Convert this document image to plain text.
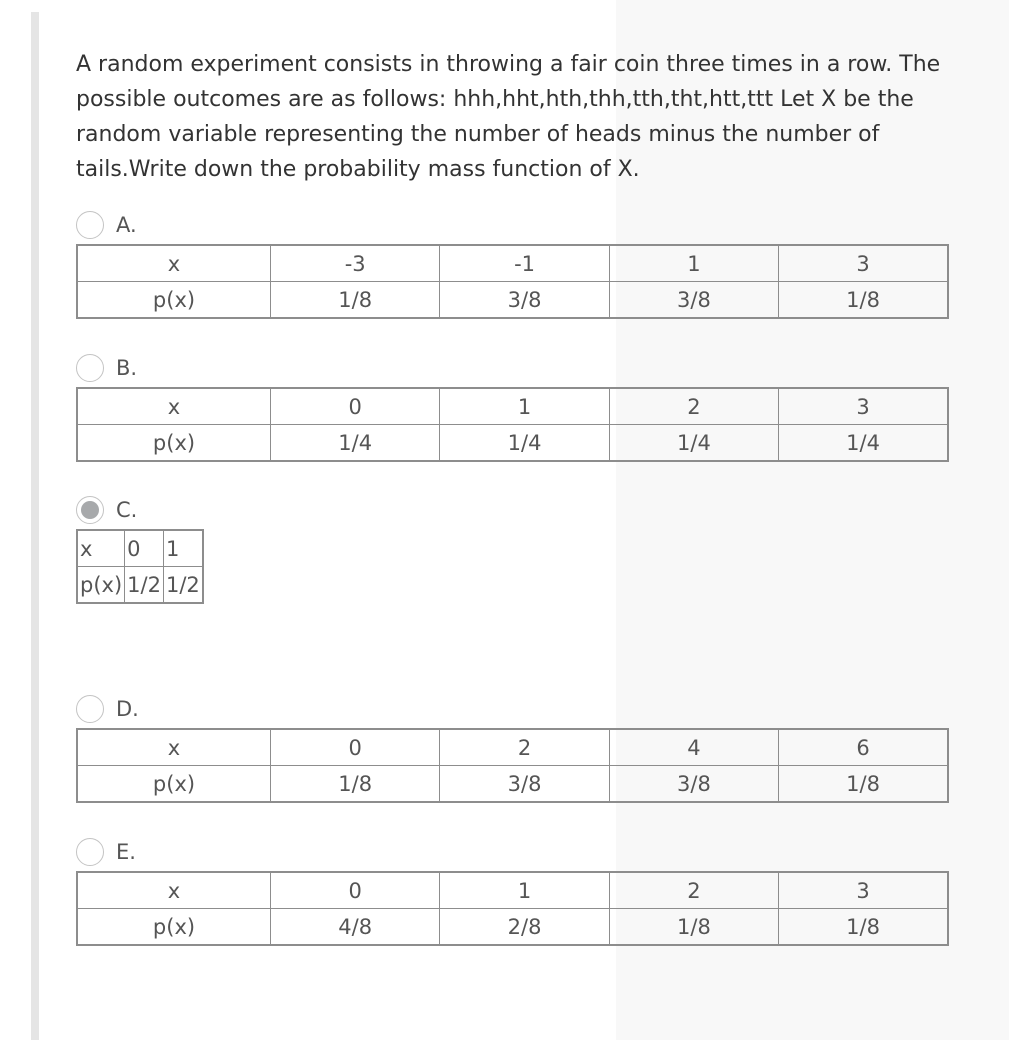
A random experiment consists in throwing a fair coin three times in a row. The possible outcomes are as follows: hhh,hht,hth,thh,tth,tht,htt,ttt Let X be the random variable representing the number of heads minus the number of tails.Write down the probability mass function of X.

A.
x	-3	-1	1	3
p(x)	1/8	3/8	3/8	1/8
B.
x	0	1	2	3
p(x)	1/4	1/4	1/4	1/4
C.
x	0	1
p(x)	1/2	1/2
D.
x	0	2	4	6
p(x)	1/8	3/8	3/8	1/8
E.
x	0	1	2	3
p(x)	4/8	2/8	1/8	1/8
